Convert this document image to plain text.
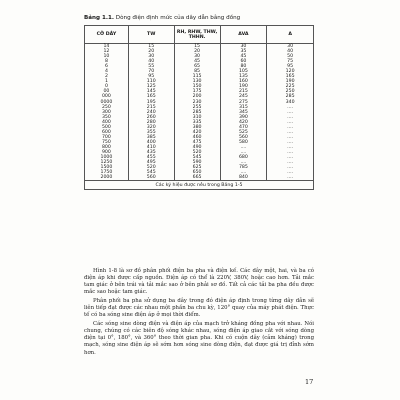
Bảng 1.1. Dòng điện định mức của dây dẫn bằng đồng
CỠ DÂY	TW	RH, RHW, THW, THHN.	AVA	A
14	15	15	30	30
12	20	20	35	40
10	30	30	45	50
8	40	45	60	75
6	55	65	80	95
4	70	85	105	120
2	95	115	135	165
1	110	130	160	190
0	125	150	190	225
00	145	175	215	250
000	165	200	245	285
0000	195	230	275	340
250	215	255	315	....
300	240	285	345	....
350	260	310	390	....
400	280	335	420	....
500	320	380	470	....
600	355	420	525	....
700	385	460	560	....
750	400	475	580	....
800	410	490	....	....
900	435	520	....	....
1000	455	545	680	....
1250	495	590	....	....
1500	520	625	785	....
1750	545	650	....	....
2000	560	665	840	....
Các ký hiệu được nêu trong Bảng 1-5				

Hình 1-8 là sơ đồ phân phối điện ba pha và điện kế. Các dây một, hai, và ba có điện áp khi được cấp nguồn. Điện áp có thể là 220V, 380V, hoặc cao hơn. Tải mắc tam giác ở bên trái và tải mắc sao ở bên phải sơ đồ. Tất cả các tải ba pha đều được mắc sao hoặc tam giác.

Phân phối ba pha sử dụng ba dây trong đó điện áp định trong từng dây dẫn sẽ liên tiếp đạt được các nhau một phần ba chu kỳ, 120° quay của máy phát điện. Thực tế có ba sóng sine điện áp ở mọi thời điểm.

Các sóng sine dòng điện và điện áp của mạch trở kháng đồng pha với nhau. Nói chung, chúng có các biên độ sóng khác nhau, sóng điện áp giao cắt với sóng dòng điện tại 0°, 180°, và 360° theo thời gian pha. Khi có cuộn dây (cảm kháng) trong mạch, sóng sine điện áp sẽ sớm hơn sóng sine dòng điện, đạt được giá trị đỉnh sớm hơn.

17
